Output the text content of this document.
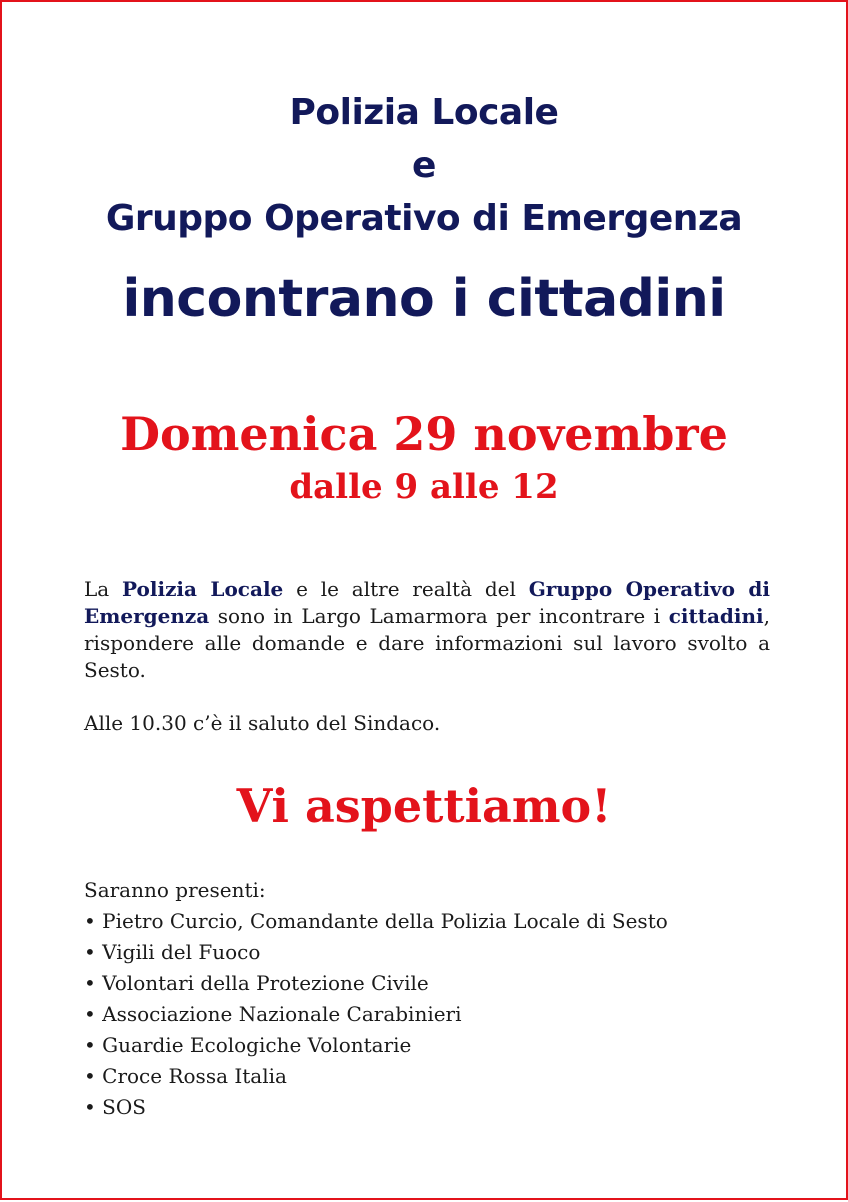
Polizia Locale
e
Gruppo Operativo di Emergenza
incontrano i cittadini
Domenica 29 novembre
dalle 9 alle 12
La Polizia Locale e le altre realtà del Gruppo Operativo di Emergenza sono in Largo Lamarmora per incontrare i cittadini, rispondere alle domande e dare informazioni sul lavoro svolto a Sesto.
Alle 10.30 c’è il saluto del Sindaco.
Vi aspettiamo!
Saranno presenti:
• Pietro Curcio, Comandante della Polizia Locale di Sesto
• Vigili del Fuoco
• Volontari della Protezione Civile
• Associazione Nazionale Carabinieri
• Guardie Ecologiche Volontarie
• Croce Rossa Italia
• SOS
